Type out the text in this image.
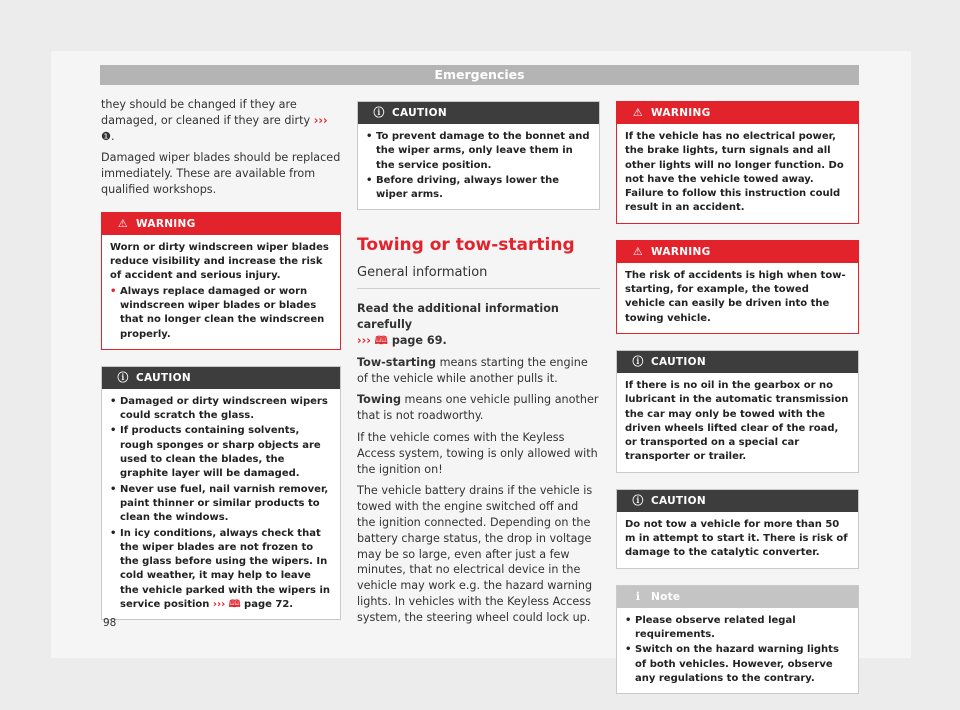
Emergencies

they should be changed if they are damaged, or cleaned if they are dirty ››› ❶.

Damaged wiper blades should be replaced immediately. These are available from qualified workshops.

⚠ WARNING
Worn or dirty windscreen wiper blades reduce visibility and increase the risk of accident and serious injury.
• Always replace damaged or worn windscreen wiper blades or blades that no longer clean the windscreen properly.
ⓘ CAUTION
• Damaged or dirty windscreen wipers could scratch the glass.
• If products containing solvents, rough sponges or sharp objects are used to clean the blades, the graphite layer will be damaged.
• Never use fuel, nail varnish remover, paint thinner or similar products to clean the windows.
• In icy conditions, always check that the wiper blades are not frozen to the glass before using the wipers. In cold weather, it may help to leave the vehicle parked with the wipers in service position ››› 🕮 page 72.
ⓘ CAUTION
• To prevent damage to the bonnet and the wiper arms, only leave them in the service position.
• Before driving, always lower the wiper arms.
Towing or tow-starting
General information

Read the additional information carefully
››› 🕮 page 69.

Tow-starting means starting the engine of the vehicle while another pulls it.

Towing means one vehicle pulling another that is not roadworthy.

If the vehicle comes with the Keyless Access system, towing is only allowed with the ignition on!

The vehicle battery drains if the vehicle is towed with the engine switched off and the ignition connected. Depending on the battery charge status, the drop in voltage may be so large, even after just a few minutes, that no electrical device in the vehicle may work e.g. the hazard warning lights. In vehicles with the Keyless Access system, the steering wheel could lock up.

⚠ WARNING
If the vehicle has no electrical power, the brake lights, turn signals and all other lights will no longer function. Do not have the vehicle towed away. Failure to follow this instruction could result in an accident.
⚠ WARNING
The risk of accidents is high when tow-starting, for example, the towed vehicle can easily be driven into the towing vehicle.
ⓘ CAUTION
If there is no oil in the gearbox or no lubricant in the automatic transmission the car may only be towed with the driven wheels lifted clear of the road, or transported on a special car transporter or trailer.
ⓘ CAUTION
Do not tow a vehicle for more than 50 m in attempt to start it. There is risk of damage to the catalytic converter.
ℹ Note
• Please observe related legal requirements.
• Switch on the hazard warning lights of both vehicles. However, observe any regulations to the contrary.
98
